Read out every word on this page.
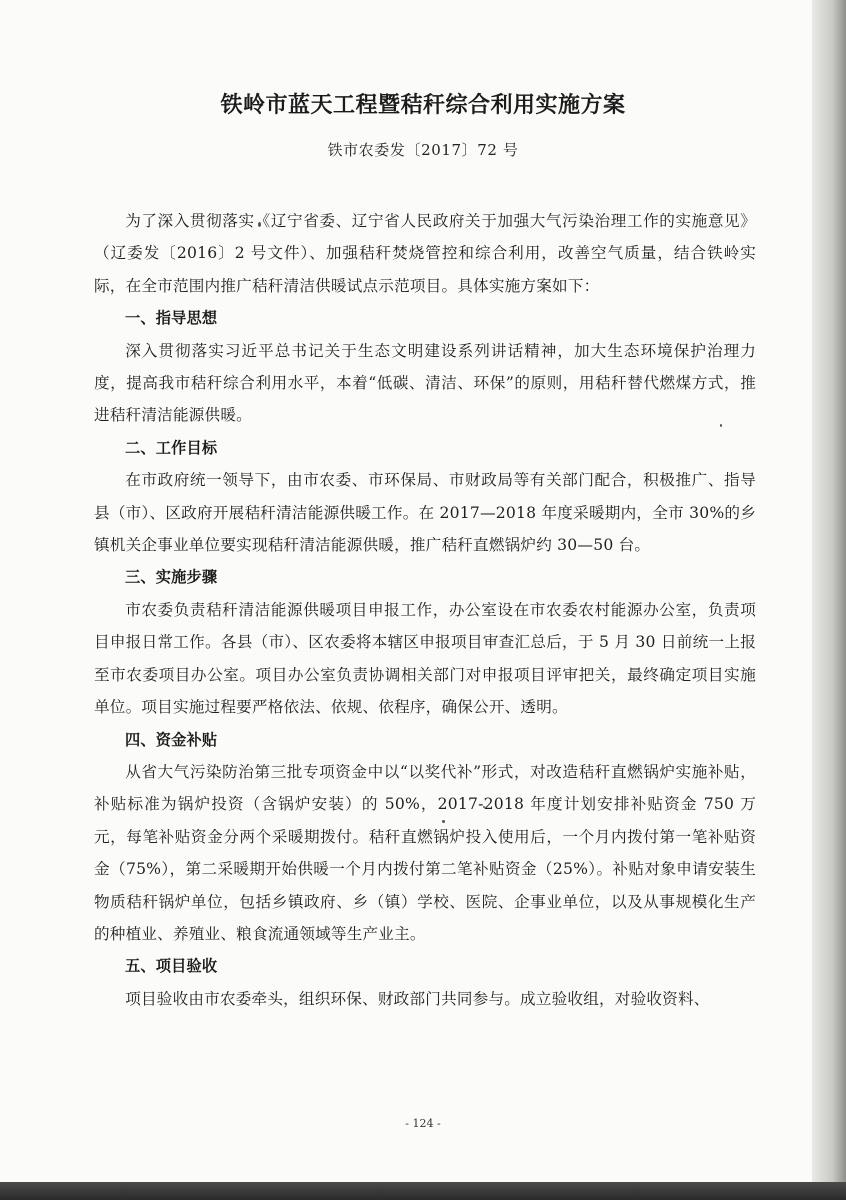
铁岭市蓝天工程暨秸秆综合利用实施方案
铁市农委发〔2017〕72 号

为了深入贯彻落实《辽宁省委、辽宁省人民政府关于加强大气污染治理工作的实施意见》（辽委发〔2016〕2 号文件）、加强秸秆焚烧管控和综合利用，改善空气质量，结合铁岭实际，在全市范围内推广秸秆清洁供暖试点示范项目。具体实施方案如下：

一、指导思想

深入贯彻落实习近平总书记关于生态文明建设系列讲话精神，加大生态环境保护治理力度，提高我市秸秆综合利用水平，本着“低碳、清洁、环保”的原则，用秸秆替代燃煤方式，推进秸秆清洁能源供暖。

二、工作目标

在市政府统一领导下，由市农委、市环保局、市财政局等有关部门配合，积极推广、指导县（市）、区政府开展秸秆清洁能源供暖工作。在 2017—2018 年度采暖期内，全市 30%的乡镇机关企事业单位要实现秸秆清洁能源供暖，推广秸秆直燃锅炉约 30—50 台。

三、实施步骤

市农委负责秸秆清洁能源供暖项目申报工作，办公室设在市农委农村能源办公室，负责项目申报日常工作。各县（市）、区农委将本辖区申报项目审查汇总后，于 5 月 30 日前统一上报至市农委项目办公室。项目办公室负责协调相关部门对申报项目评审把关，最终确定项目实施单位。项目实施过程要严格依法、依规、依程序，确保公开、透明。

四、资金补贴

从省大气污染防治第三批专项资金中以“以奖代补”形式，对改造秸秆直燃锅炉实施补贴，补贴标准为锅炉投资（含锅炉安装）的 50%，2017-2018 年度计划安排补贴资金 750 万元，每笔补贴资金分两个采暖期拨付。秸秆直燃锅炉投入使用后，一个月内拨付第一笔补贴资金（75%），第二采暖期开始供暖一个月内拨付第二笔补贴资金（25%）。补贴对象申请安装生物质秸秆锅炉单位，包括乡镇政府、乡（镇）学校、医院、企事业单位，以及从事规模化生产的种植业、养殖业、粮食流通领域等生产业主。

五、项目验收

项目验收由市农委牵头，组织环保、财政部门共同参与。成立验收组，对验收资料、

- 124 -
